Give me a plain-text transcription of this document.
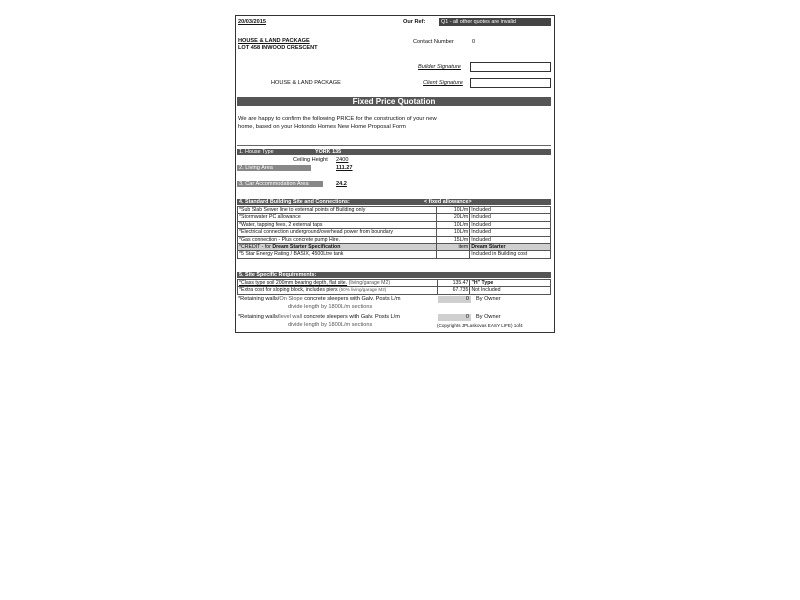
20/03/2015	Our Ref:	Q1 - all other quotes are invalid
HOUSE & LAND PACKAGE
LOT 458 INWOOD CRESCENT
Contact Number	0
Builder Signature
HOUSE & LAND PACKAGE	Client Signature
Fixed Price Quotation
We are happy to confirm the following PRICE for the construction of your new
home, based on your Hotondo Homes New Home Proposal Form
1. House Type	YORK 135
Ceiling Height 2400
2. Living Area	111.27
3. Car Accommodation Area	24.2
4. Standard Building Site and Connections:	< fixed allowance>
*Sub Slab Sewer line to external points of Building only	10L/m	Included
*Stormwater PC allowance	20L/m	Included
*Water, tapping fees, 2 external taps	10L/m	Included
*Electrical connection underground/overhead power from boundary	10L/m	Included
*Gas connection - Plus concrete pump Hire.	15L/m	Included
*CREDIT - for Dream Starter Specification	item	Dream Starter
*5 Star Energy Rating / BASIX, 4500Ltre tank		Included in Building cost
5. Site Specific Requirements:
*Class type soil 200mm bearing depth, flat site. (living/garage M2)	135.47	"H" Type
*Extra cost for sloping block, includes piers (50% living/garage M2)	67.735	Not Included
*Retaining walls/On Slope concrete sleepers with Galv. Posts L/m	0 By Owner
divide length by 1800L/m sections
*Retaining walls/level wall concrete sleepers with Galv. Posts L/m	0 By Owner
divide length by 1800L/m sections	(Copyrights JPLaskovas EASY LIFE) 1of4
